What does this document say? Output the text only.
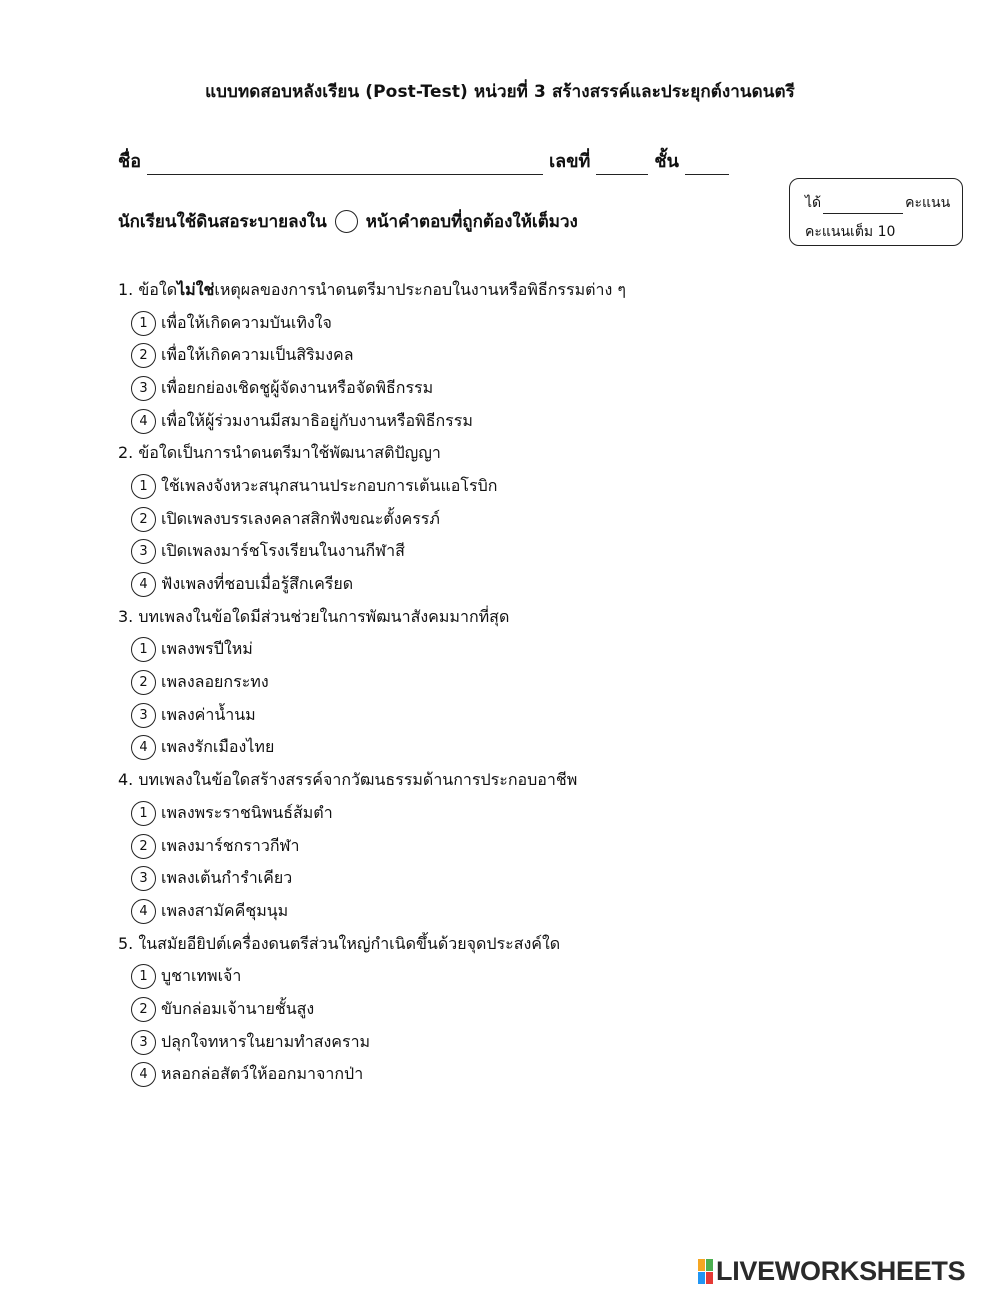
แบบทดสอบหลังเรียน (Post-Test) หน่วยที่ 3 สร้างสรรค์และประยุกต์งานดนตรี
ชื่อ	เลขที่	ชั้น
ได้	คะแนน
คะแนนเต็ม 10
นักเรียนใช้ดินสอระบายลงใน หน้าคำตอบที่ถูกต้องให้เต็มวง
1. ข้อใดไม่ใช่เหตุผลของการนำดนตรีมาประกอบในงานหรือพิธีกรรมต่าง ๆ
1 เพื่อให้เกิดความบันเทิงใจ
2 เพื่อให้เกิดความเป็นสิริมงคล
3 เพื่อยกย่องเชิดชูผู้จัดงานหรือจัดพิธีกรรม
4 เพื่อให้ผู้ร่วมงานมีสมาธิอยู่กับงานหรือพิธีกรรม
2. ข้อใดเป็นการนำดนตรีมาใช้พัฒนาสติปัญญา
1 ใช้เพลงจังหวะสนุกสนานประกอบการเต้นแอโรบิก
2 เปิดเพลงบรรเลงคลาสสิกฟังขณะตั้งครรภ์
3 เปิดเพลงมาร์ชโรงเรียนในงานกีฬาสี
4 ฟังเพลงที่ชอบเมื่อรู้สึกเครียด
3. บทเพลงในข้อใดมีส่วนช่วยในการพัฒนาสังคมมากที่สุด
1 เพลงพรปีใหม่
2 เพลงลอยกระทง
3 เพลงค่าน้ำนม
4 เพลงรักเมืองไทย
4. บทเพลงในข้อใดสร้างสรรค์จากวัฒนธรรมด้านการประกอบอาชีพ
1 เพลงพระราชนิพนธ์ส้มตำ
2 เพลงมาร์ชกราวกีฬา
3 เพลงเต้นกำรำเคียว
4 เพลงสามัคคีชุมนุม
5. ในสมัยอียิปต์เครื่องดนตรีส่วนใหญ่กำเนิดขึ้นด้วยจุดประสงค์ใด
1 บูชาเทพเจ้า
2 ขับกล่อมเจ้านายชั้นสูง
3 ปลุกใจทหารในยามทำสงคราม
4 หลอกล่อสัตว์ให้ออกมาจากป่า
LIVEWORKSHEETS
